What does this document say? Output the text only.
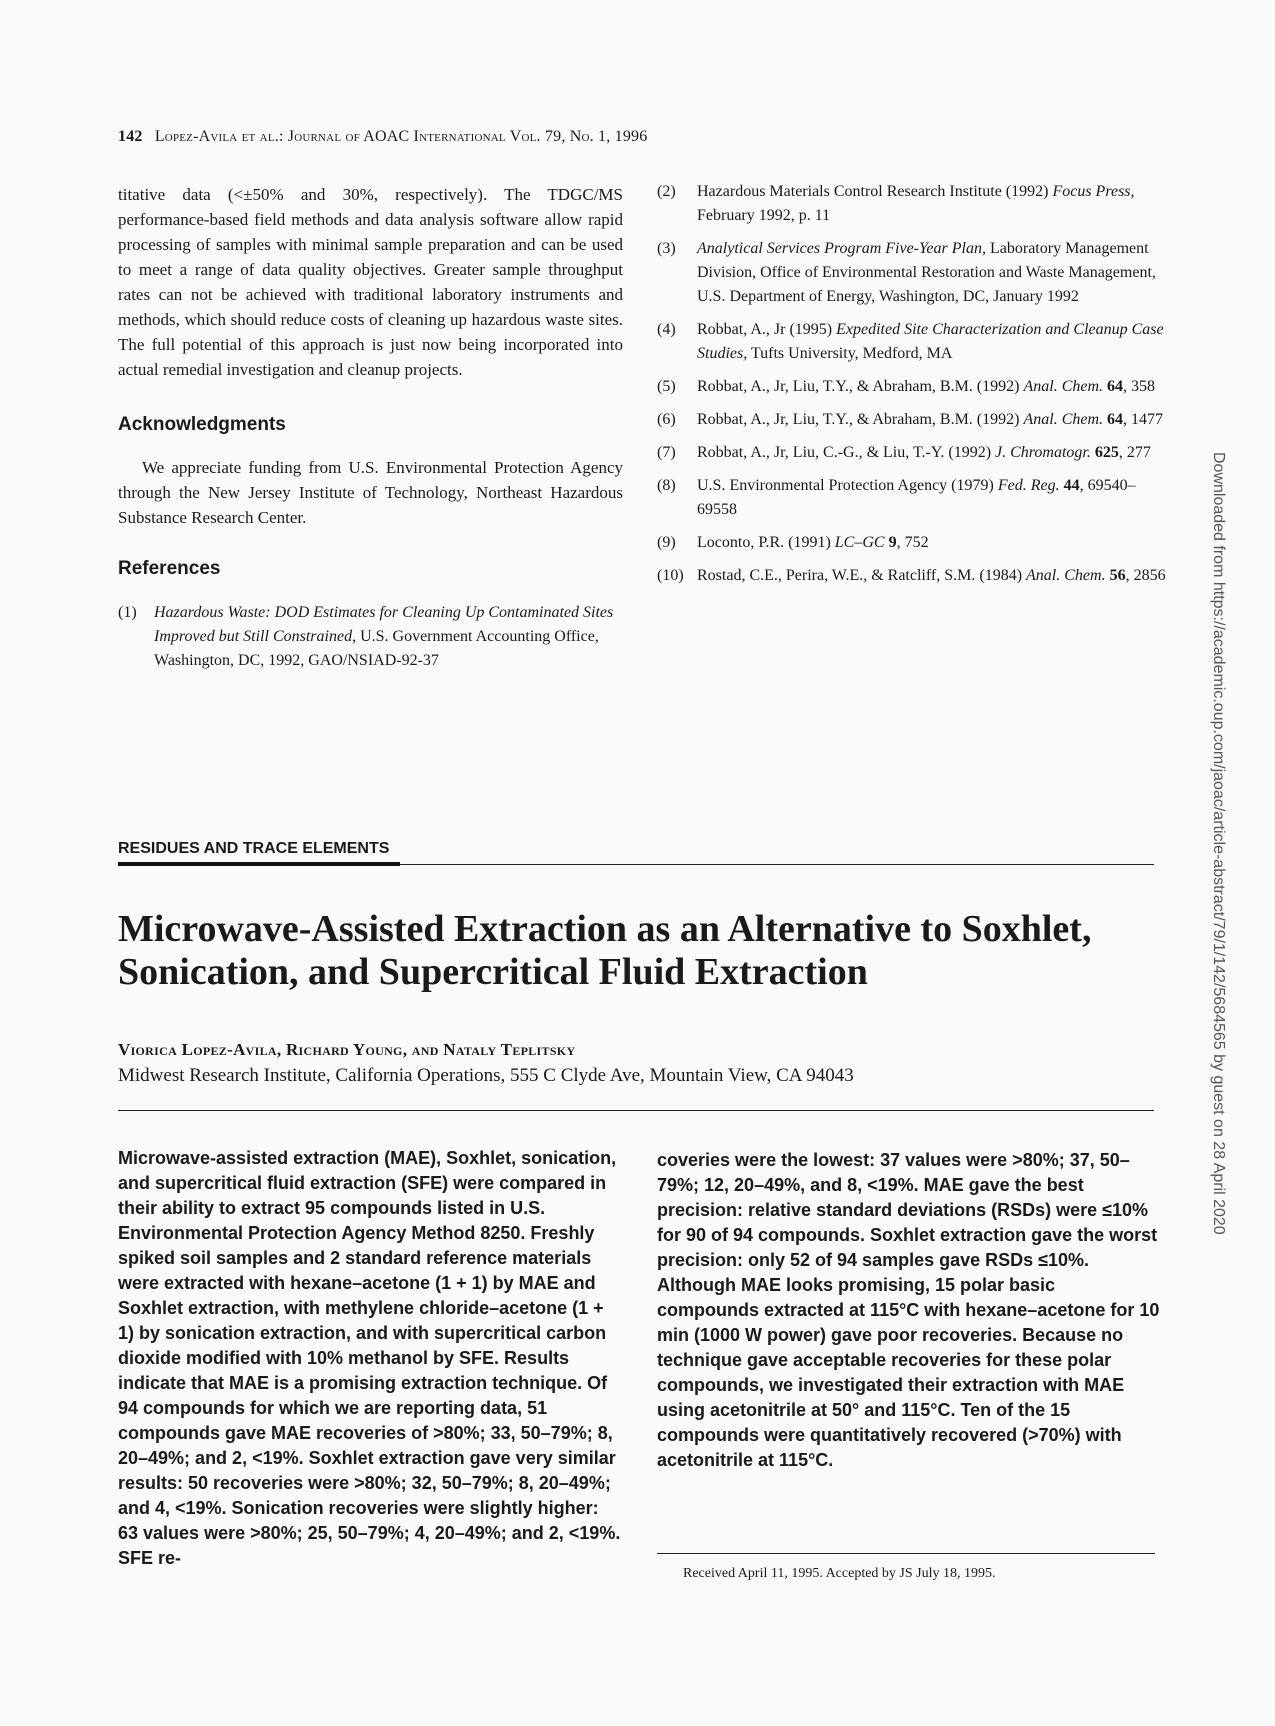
142 Lopez-Avila et al.: Journal of AOAC International Vol. 79, No. 1, 1996
titative data (<±50% and 30%, respectively). The TDGC/MS performance-based field methods and data analysis software allow rapid processing of samples with minimal sample preparation and can be used to meet a range of data quality objectives. Greater sample throughput rates can not be achieved with traditional laboratory instruments and methods, which should reduce costs of cleaning up hazardous waste sites. The full potential of this approach is just now being incorporated into actual remedial investigation and cleanup projects.
Acknowledgments
We appreciate funding from U.S. Environmental Protection Agency through the New Jersey Institute of Technology, Northeast Hazardous Substance Research Center.
References
(1) Hazardous Waste: DOD Estimates for Cleaning Up Contaminated Sites Improved but Still Constrained, U.S. Government Accounting Office, Washington, DC, 1992, GAO/NSIAD-92-37
(2) Hazardous Materials Control Research Institute (1992) Focus Press, February 1992, p. 11
(3) Analytical Services Program Five-Year Plan, Laboratory Management Division, Office of Environmental Restoration and Waste Management, U.S. Department of Energy, Washington, DC, January 1992
(4) Robbat, A., Jr (1995) Expedited Site Characterization and Cleanup Case Studies, Tufts University, Medford, MA
(5) Robbat, A., Jr, Liu, T.Y., & Abraham, B.M. (1992) Anal. Chem. 64, 358
(6) Robbat, A., Jr, Liu, T.Y., & Abraham, B.M. (1992) Anal. Chem. 64, 1477
(7) Robbat, A., Jr, Liu, C.-G., & Liu, T.-Y. (1992) J. Chromatogr. 625, 277
(8) U.S. Environmental Protection Agency (1979) Fed. Reg. 44, 69540–69558
(9) Loconto, P.R. (1991) LC–GC 9, 752
(10) Rostad, C.E., Perira, W.E., & Ratcliff, S.M. (1984) Anal. Chem. 56, 2856
RESIDUES AND TRACE ELEMENTS
Microwave-Assisted Extraction as an Alternative to Soxhlet, Sonication, and Supercritical Fluid Extraction
Viorica Lopez-Avila, Richard Young, and Nataly Teplitsky
Midwest Research Institute, California Operations, 555 C Clyde Ave, Mountain View, CA 94043
Microwave-assisted extraction (MAE), Soxhlet, sonication, and supercritical fluid extraction (SFE) were compared in their ability to extract 95 compounds listed in U.S. Environmental Protection Agency Method 8250. Freshly spiked soil samples and 2 standard reference materials were extracted with hexane–acetone (1 + 1) by MAE and Soxhlet extraction, with methylene chloride–acetone (1 + 1) by sonication extraction, and with supercritical carbon dioxide modified with 10% methanol by SFE. Results indicate that MAE is a promising extraction technique. Of 94 compounds for which we are reporting data, 51 compounds gave MAE recoveries of >80%; 33, 50–79%; 8, 20–49%; and 2, <19%. Soxhlet extraction gave very similar results: 50 recoveries were >80%; 32, 50–79%; 8, 20–49%; and 4, <19%. Sonication recoveries were slightly higher: 63 values were >80%; 25, 50–79%; 4, 20–49%; and 2, <19%. SFE re-
coveries were the lowest: 37 values were >80%; 37, 50–79%; 12, 20–49%, and 8, <19%. MAE gave the best precision: relative standard deviations (RSDs) were ≤10% for 90 of 94 compounds. Soxhlet extraction gave the worst precision: only 52 of 94 samples gave RSDs ≤10%. Although MAE looks promising, 15 polar basic compounds extracted at 115°C with hexane–acetone for 10 min (1000 W power) gave poor recoveries. Because no technique gave acceptable recoveries for these polar compounds, we investigated their extraction with MAE using acetonitrile at 50° and 115°C. Ten of the 15 compounds were quantitatively recovered (>70%) with acetonitrile at 115°C.
Received April 11, 1995. Accepted by JS July 18, 1995.
Downloaded from https://academic.oup.com/jaoac/article-abstract/79/1/142/5684565 by guest on 28 April 2020
